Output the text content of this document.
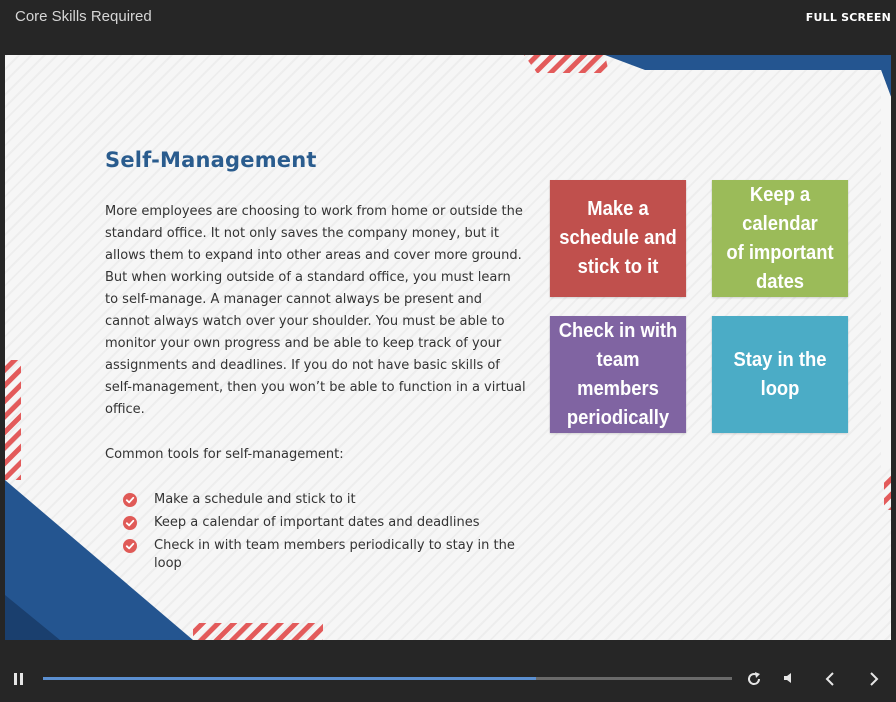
Core Skills Required	FULL SCREEN
Self-Management
More employees are choosing to work from home or outside the standard office. It not only saves the company money, but it allows them to expand into other areas and cover more ground. But when working outside of a standard office, you must learn to self-manage. A manager cannot always be present and cannot always watch over your shoulder. You must be able to monitor your own progress and be able to keep track of your assignments and deadlines. If you do not have basic skills of self-management, then you won’t be able to function in a virtual office.
Common tools for self-management:
Make a schedule and stick to it
Keep a calendar of important dates and deadlines
Check in with team members periodically to stay in the loop
Make a
schedule and
stick to it
Keep a calendar
of important
dates
Check in with
team members
periodically
Stay in the loop
